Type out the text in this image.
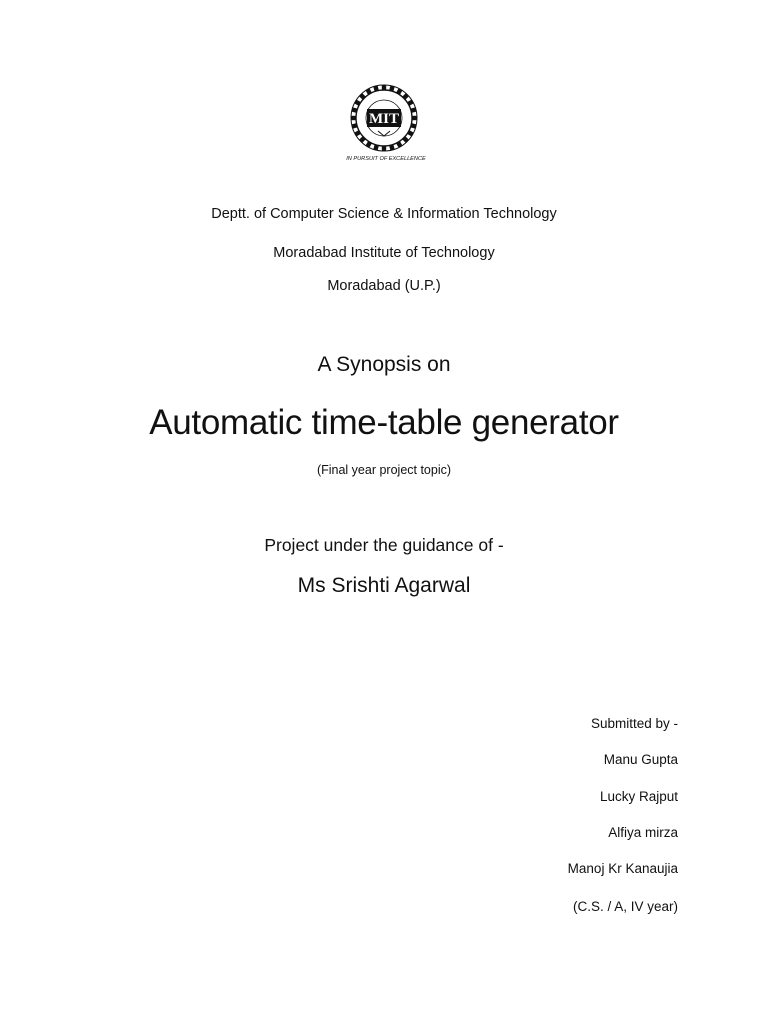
MIT
IN PURSUIT OF EXCELLENCE
Deptt. of Computer Science & Information Technology
Moradabad Institute of Technology
Moradabad (U.P.)
A Synopsis on
Automatic time-table generator
(Final year project topic)
Project under the guidance of -
Ms Srishti Agarwal
Submitted by -
Manu Gupta
Lucky Rajput
Alfiya mirza
Manoj Kr Kanaujia
(C.S. / A, IV year)
